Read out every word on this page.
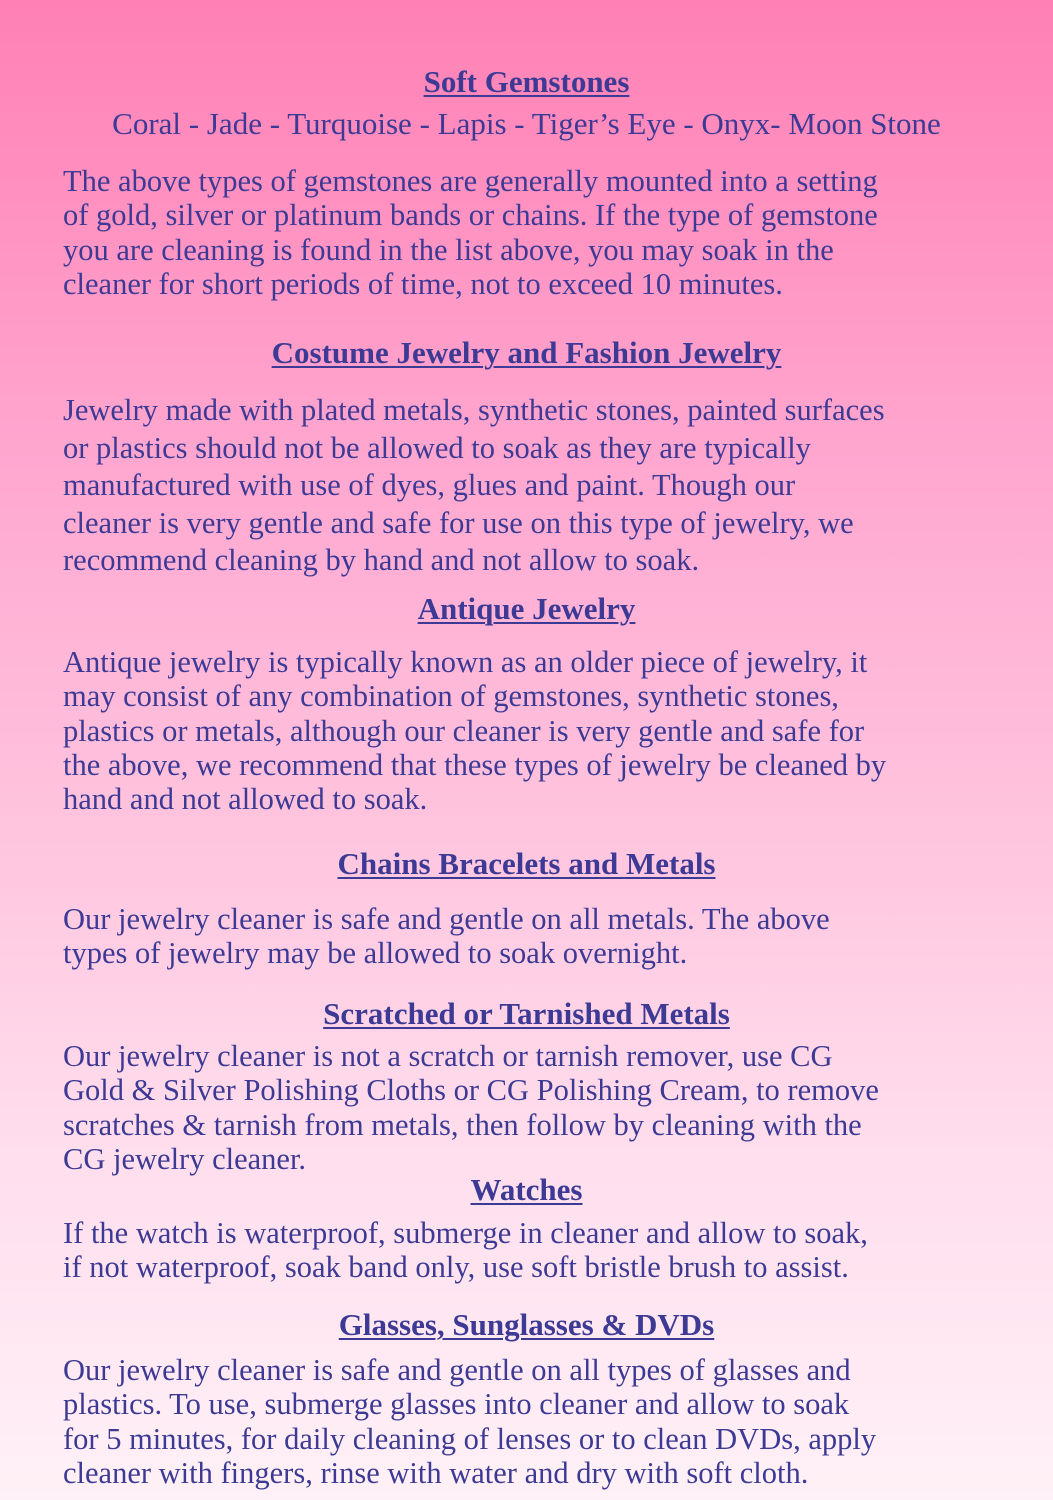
Soft Gemstones

Coral - Jade - Turquoise - Lapis - Tiger’s Eye - Onyx- Moon Stone

The above types of gemstones are generally mounted into a setting
of gold, silver or platinum bands or chains. If the type of gemstone
you are cleaning is found in the list above, you may soak in the
cleaner for short periods of time, not to exceed 10 minutes.
Costume Jewelry and Fashion Jewelry
Jewelry made with plated metals, synthetic stones, painted surfaces
or plastics should not be allowed to soak as they are typically
manufactured with use of dyes, glues and paint. Though our
cleaner is very gentle and safe for use on this type of jewelry, we
recommend cleaning by hand and not allow to soak.
Antique Jewelry
Antique jewelry is typically known as an older piece of jewelry, it
may consist of any combination of gemstones, synthetic stones,
plastics or metals, although our cleaner is very gentle and safe for
the above, we recommend that these types of jewelry be cleaned by
hand and not allowed to soak.
Chains Bracelets and Metals
Our jewelry cleaner is safe and gentle on all metals. The above
types of jewelry may be allowed to soak overnight.
Scratched or Tarnished Metals
Our jewelry cleaner is not a scratch or tarnish remover, use CG
Gold & Silver Polishing Cloths or CG Polishing Cream, to remove
scratches & tarnish from metals, then follow by cleaning with the
CG jewelry cleaner.
Watches
If the watch is waterproof, submerge in cleaner and allow to soak,
if not waterproof, soak band only, use soft bristle brush to assist.
Glasses, Sunglasses & DVDs
Our jewelry cleaner is safe and gentle on all types of glasses and
plastics. To use, submerge glasses into cleaner and allow to soak
for 5 minutes, for daily cleaning of lenses or to clean DVDs, apply
cleaner with fingers, rinse with water and dry with soft cloth.
